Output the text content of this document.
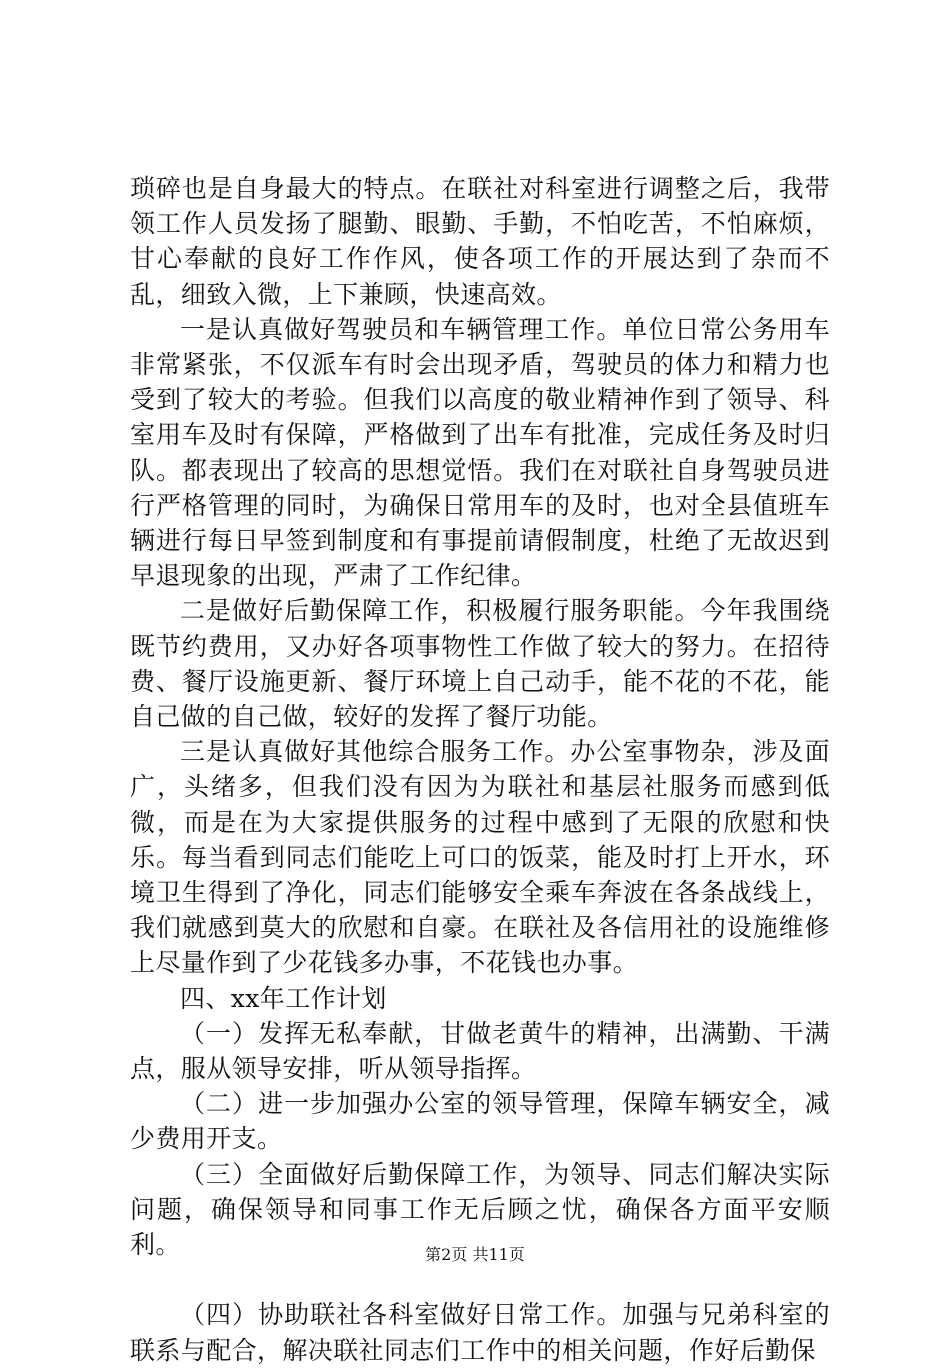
琐碎也是自身最大的特点。在联社对科室进行调整之后，我带领工作人员发扬了腿勤、眼勤、手勤，不怕吃苦，不怕麻烦，甘心奉献的良好工作作风，使各项工作的开展达到了杂而不乱，细致入微，上下兼顾，快速高效。

一是认真做好驾驶员和车辆管理工作。单位日常公务用车非常紧张，不仅派车有时会出现矛盾，驾驶员的体力和精力也受到了较大的考验。但我们以高度的敬业精神作到了领导、科室用车及时有保障，严格做到了出车有批准，完成任务及时归队。都表现出了较高的思想觉悟。我们在对联社自身驾驶员进行严格管理的同时，为确保日常用车的及时，也对全县值班车辆进行每日早签到制度和有事提前请假制度，杜绝了无故迟到早退现象的出现，严肃了工作纪律。

二是做好后勤保障工作，积极履行服务职能。今年我围绕既节约费用，又办好各项事物性工作做了较大的努力。在招待费、餐厅设施更新、餐厅环境上自己动手，能不花的不花，能自己做的自己做，较好的发挥了餐厅功能。

三是认真做好其他综合服务工作。办公室事物杂，涉及面广，头绪多，但我们没有因为为联社和基层社服务而感到低微，而是在为大家提供服务的过程中感到了无限的欣慰和快乐。每当看到同志们能吃上可口的饭菜，能及时打上开水，环境卫生得到了净化，同志们能够安全乘车奔波在各条战线上，我们就感到莫大的欣慰和自豪。在联社及各信用社的设施维修上尽量作到了少花钱多办事，不花钱也办事。

四、xx年工作计划

（一）发挥无私奉献，甘做老黄牛的精神，出满勤、干满点，服从领导安排，听从领导指挥。

（二）进一步加强办公室的领导管理，保障车辆安全，减少费用开支。

（三）全面做好后勤保障工作，为领导、同志们解决实际问题，确保领导和同事工作无后顾之忧，确保各方面平安顺利。

（四）协助联社各科室做好日常工作。加强与兄弟科室的联系与配合，解决联社同志们工作中的相关问题，作好后勤保

第2页 共11页
